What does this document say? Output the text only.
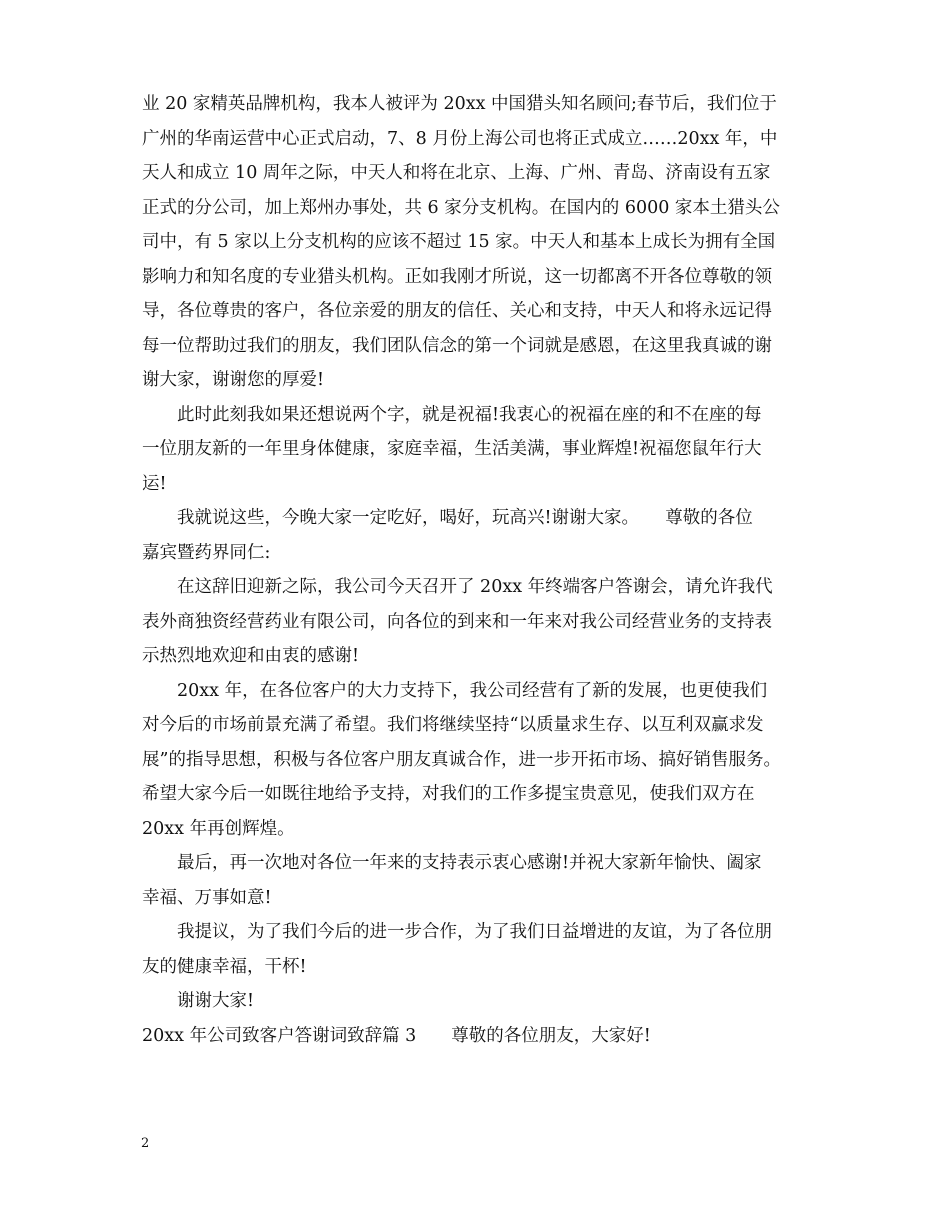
业 20 家精英品牌机构，我本人被评为 20xx 中国猎头知名顾问;春节后，我们位于
广州的华南运营中心正式启动，7、8 月份上海公司也将正式成立……20xx 年，中
天人和成立 10 周年之际，中天人和将在北京、上海、广州、青岛、济南设有五家
正式的分公司，加上郑州办事处，共 6 家分支机构。在国内的 6000 家本土猎头公
司中，有 5 家以上分支机构的应该不超过 15 家。中天人和基本上成长为拥有全国
影响力和知名度的专业猎头机构。正如我刚才所说，这一切都离不开各位尊敬的领
导，各位尊贵的客户，各位亲爱的朋友的信任、关心和支持，中天人和将永远记得
每一位帮助过我们的朋友，我们团队信念的第一个词就是感恩，在这里我真诚的谢
谢大家，谢谢您的厚爱!
此时此刻我如果还想说两个字，就是祝福!我衷心的祝福在座的和不在座的每
一位朋友新的一年里身体健康，家庭幸福，生活美满，事业辉煌!祝福您鼠年行大
运!
我就说这些，今晚大家一定吃好，喝好，玩高兴!谢谢大家。　　尊敬的各位
嘉宾暨药界同仁:
在这辞旧迎新之际，我公司今天召开了 20xx 年终端客户答谢会，请允许我代
表外商独资经营药业有限公司，向各位的到来和一年来对我公司经营业务的支持表
示热烈地欢迎和由衷的感谢!
20xx 年，在各位客户的大力支持下，我公司经营有了新的发展，也更使我们
对今后的市场前景充满了希望。我们将继续坚持“以质量求生存、以互利双赢求发
展”的指导思想，积极与各位客户朋友真诚合作，进一步开拓市场、搞好销售服务。
希望大家今后一如既往地给予支持，对我们的工作多提宝贵意见，使我们双方在
20xx 年再创辉煌。
最后，再一次地对各位一年来的支持表示衷心感谢!并祝大家新年愉快、阖家
幸福、万事如意!
我提议，为了我们今后的进一步合作，为了我们日益增进的友谊，为了各位朋
友的健康幸福，干杯!
谢谢大家!
20xx 年公司致客户答谢词致辞篇 3　　尊敬的各位朋友，大家好!
2
